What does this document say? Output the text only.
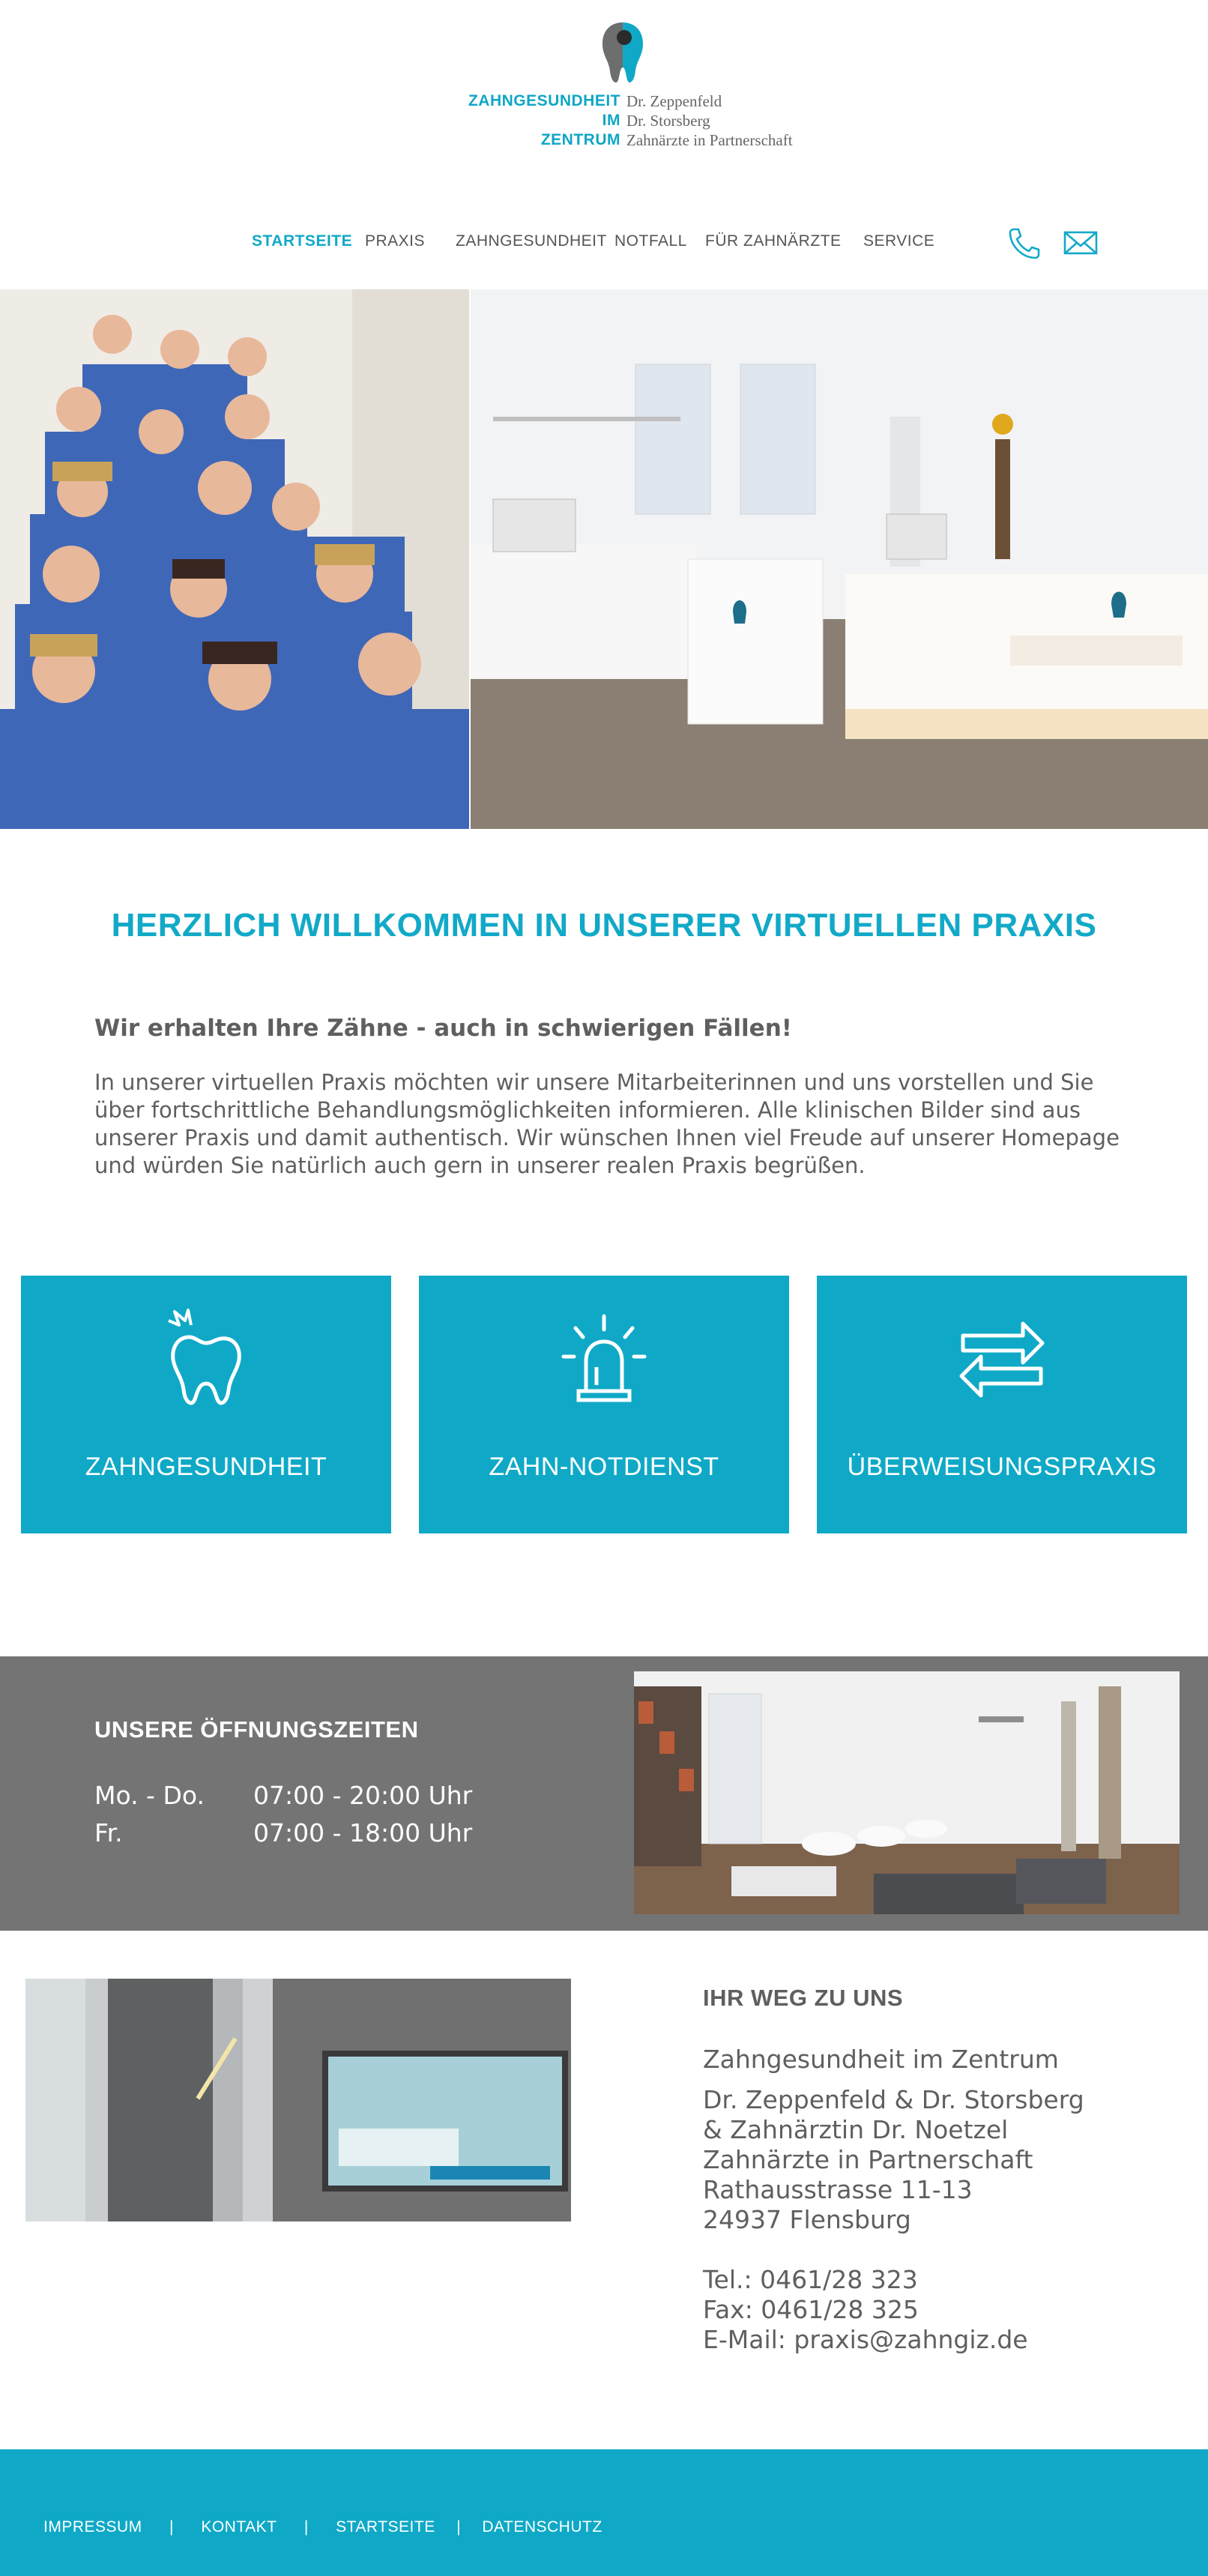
ZAHNGESUNDHEIT
IM
ZENTRUM
Dr. Zeppenfeld
Dr. Storsberg
Zahnärzte in Partnerschaft
STARTSEITE PRAXIS ZAHNGESUNDHEIT NOTFALL FÜR ZAHNÄRZTE SERVICE
HERZLICH WILLKOMMEN IN UNSERER VIRTUELLEN PRAXIS

Wir erhalten Ihre Zähne - auch in schwierigen Fällen!

In unserer virtuellen Praxis möchten wir unsere Mitarbeiterinnen und uns vorstellen und Sie über fortschrittliche Behandlungsmöglichkeiten informieren. Alle klinischen Bilder sind aus unserer Praxis und damit authentisch. Wir wünschen Ihnen viel Freude auf unserer Homepage und würden Sie natürlich auch gern in unserer realen Praxis begrüßen.

ZAHNGESUNDHEIT	ZAHN-NOTDIENST	ÜBERWEISUNGSPRAXIS
UNSERE ÖFFNUNGSZEITEN
Mo. - Do.	07:00 - 20:00 Uhr
Fr.	07:00 - 18:00 Uhr
IHR WEG ZU UNS
Zahngesundheit im Zentrum
Dr. Zeppenfeld & Dr. Storsberg
& Zahnärztin Dr. Noetzel
Zahnärzte in Partnerschaft
Rathausstrasse 11-13
24937 Flensburg
Tel.: 0461/28 323
Fax: 0461/28 325
E-Mail: praxis@zahngiz.de
IMPRESSUM | KONTAKT | STARTSEITE | DATENSCHUTZ
